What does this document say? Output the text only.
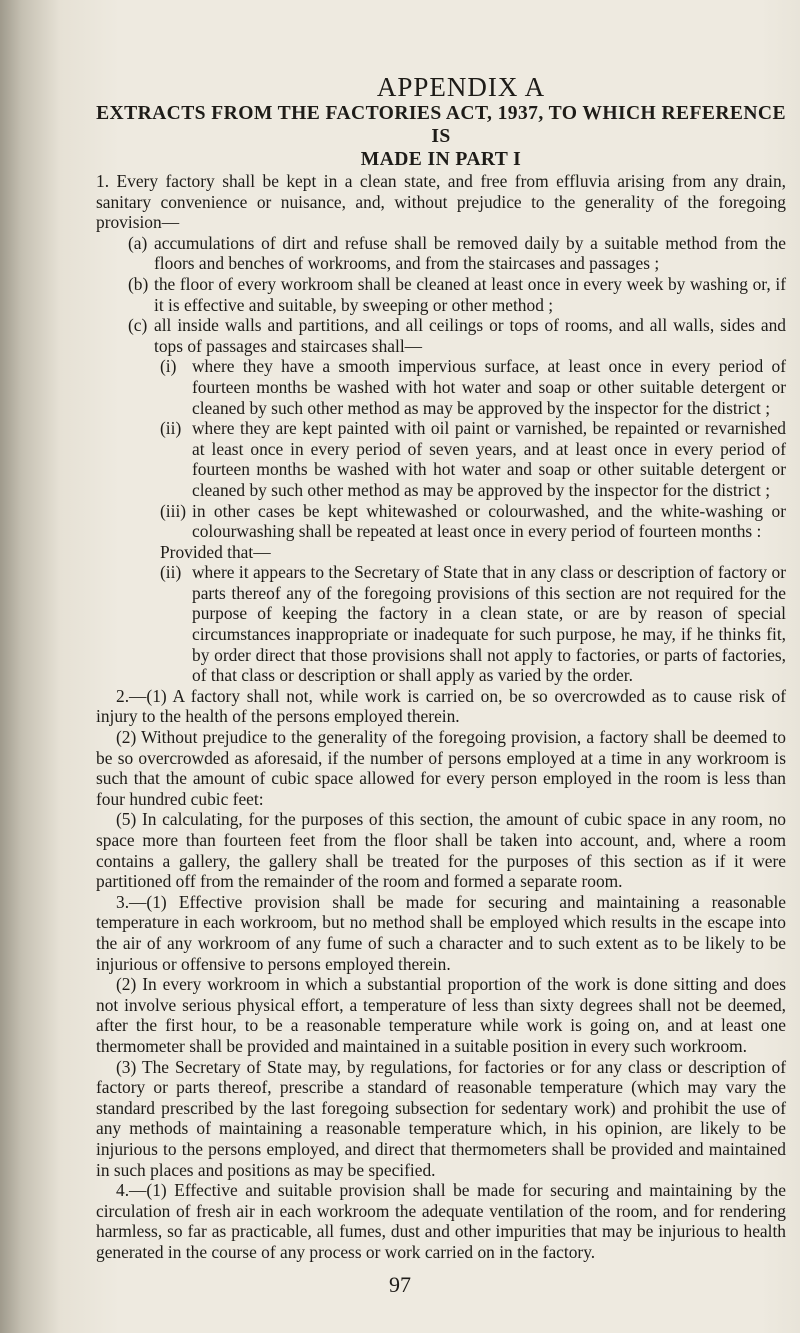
APPENDIX A

EXTRACTS FROM THE FACTORIES ACT, 1937, TO WHICH REFERENCE IS
MADE IN PART I

1. Every factory shall be kept in a clean state, and free from effluvia arising from any drain, sanitary convenience or nuisance, and, without prejudice to the generality of the foregoing provision—

(a) accumulations of dirt and refuse shall be removed daily by a suitable method from the floors and benches of workrooms, and from the staircases and passages ;

(b) the floor of every workroom shall be cleaned at least once in every week by washing or, if it is effective and suitable, by sweeping or other method ;

(c) all inside walls and partitions, and all ceilings or tops of rooms, and all walls, sides and tops of passages and staircases shall—

(i) where they have a smooth impervious surface, at least once in every period of fourteen months be washed with hot water and soap or other suitable detergent or cleaned by such other method as may be approved by the inspector for the district ;

(ii) where they are kept painted with oil paint or varnished, be repainted or revarnished at least once in every period of seven years, and at least once in every period of fourteen months be washed with hot water and soap or other suitable detergent or cleaned by such other method as may be approved by the inspector for the district ;

(iii) in other cases be kept whitewashed or colourwashed, and the white-washing or colourwashing shall be repeated at least once in every period of fourteen months :

Provided that—

(ii) where it appears to the Secretary of State that in any class or description of factory or parts thereof any of the foregoing provisions of this section are not required for the purpose of keeping the factory in a clean state, or are by reason of special circumstances inappropriate or inadequate for such purpose, he may, if he thinks fit, by order direct that those provisions shall not apply to factories, or parts of factories, of that class or description or shall apply as varied by the order.

2.—(1) A factory shall not, while work is carried on, be so overcrowded as to cause risk of injury to the health of the persons employed therein.

(2) Without prejudice to the generality of the foregoing provision, a factory shall be deemed to be so overcrowded as aforesaid, if the number of persons employed at a time in any workroom is such that the amount of cubic space allowed for every person employed in the room is less than four hundred cubic feet:

(5) In calculating, for the purposes of this section, the amount of cubic space in any room, no space more than fourteen feet from the floor shall be taken into account, and, where a room contains a gallery, the gallery shall be treated for the purposes of this section as if it were partitioned off from the remainder of the room and formed a separate room.

3.—(1) Effective provision shall be made for securing and maintaining a reasonable temperature in each workroom, but no method shall be employed which results in the escape into the air of any workroom of any fume of such a character and to such extent as to be likely to be injurious or offensive to persons employed therein.

(2) In every workroom in which a substantial proportion of the work is done sitting and does not involve serious physical effort, a temperature of less than sixty degrees shall not be deemed, after the first hour, to be a reasonable temperature while work is going on, and at least one thermometer shall be provided and maintained in a suitable position in every such workroom.

(3) The Secretary of State may, by regulations, for factories or for any class or description of factory or parts thereof, prescribe a standard of reasonable temperature (which may vary the standard prescribed by the last foregoing subsection for sedentary work) and prohibit the use of any methods of maintaining a reasonable temperature which, in his opinion, are likely to be injurious to the persons employed, and direct that thermometers shall be provided and maintained in such places and positions as may be specified.

4.—(1) Effective and suitable provision shall be made for securing and maintaining by the circulation of fresh air in each workroom the adequate ventilation of the room, and for rendering harmless, so far as practicable, all fumes, dust and other impurities that may be injurious to health generated in the course of any process or work carried on in the factory.

97
